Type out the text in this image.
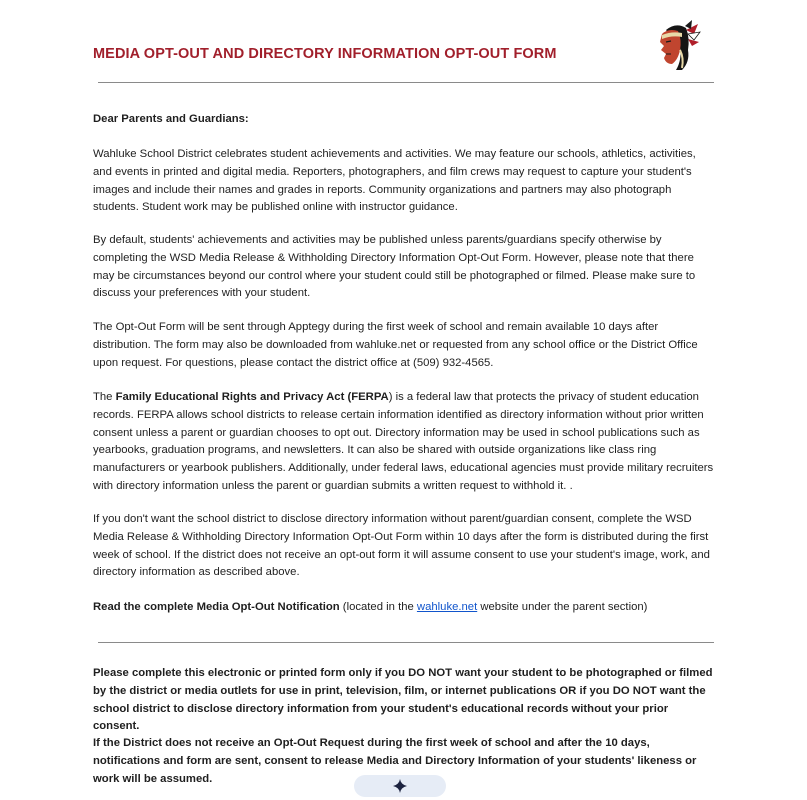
MEDIA OPT-OUT AND DIRECTORY INFORMATION OPT-OUT FORM
Dear Parents and Guardians:
Wahluke School District celebrates student achievements and activities. We may feature our schools, athletics, activities, and events in printed and digital media. Reporters, photographers, and film crews may request to capture your student's images and include their names and grades in reports. Community organizations and partners may also photograph students. Student work may be published online with instructor guidance.
By default, students' achievements and activities may be published unless parents/guardians specify otherwise by completing the WSD Media Release & Withholding Directory Information Opt-Out Form. However, please note that there may be circumstances beyond our control where your student could still be photographed or filmed. Please make sure to discuss your preferences with your student.
The Opt-Out Form will be sent through Apptegy during the first week of school and remain available 10 days after distribution. The form may also be downloaded from wahluke.net or requested from any school office or the District Office upon request. For questions, please contact the district office at (509) 932-4565.
The Family Educational Rights and Privacy Act (FERPA) is a federal law that protects the privacy of student education records. FERPA allows school districts to release certain information identified as directory information without prior written consent unless a parent or guardian chooses to opt out. Directory information may be used in school publications such as yearbooks, graduation programs, and newsletters. It can also be shared with outside organizations like class ring manufacturers or yearbook publishers. Additionally, under federal laws, educational agencies must provide military recruiters with directory information unless the parent or guardian submits a written request to withhold it. .
If you don't want the school district to disclose directory information without parent/guardian consent, complete the WSD Media Release & Withholding Directory Information Opt-Out Form within 10 days after the form is distributed during the first week of school. If the district does not receive an opt-out form it will assume consent to use your student's image, work, and directory information as described above.
Read the complete Media Opt-Out Notification (located in the wahluke.net website under the parent section)
Please complete this electronic or printed form only if you DO NOT want your student to be photographed or filmed by the district or media outlets for use in print, television, film, or internet publications OR if you DO NOT want the school district to disclose directory information from your student's educational records without your prior consent.
If the District does not receive an Opt-Out Request during the first week of school and after the 10 days, notifications and form are sent, consent to release Media and Directory Information of your students' likeness or work will be assumed.
